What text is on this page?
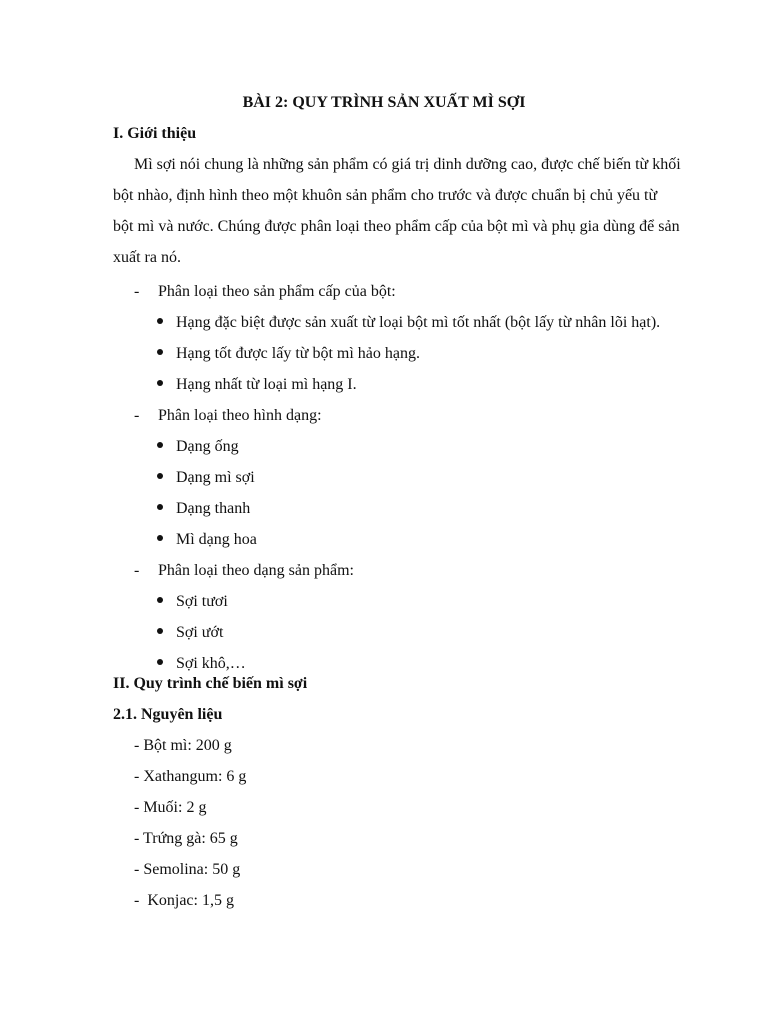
BÀI 2: QUY TRÌNH SẢN XUẤT MÌ SỢI
I. Giới thiệu
Mì sợi nói chung là những sản phẩm có giá trị dinh dưỡng cao, được chế biến từ khối
bột nhào, định hình theo một khuôn sản phẩm cho trước và được chuẩn bị chủ yếu từ
bột mì và nước. Chúng được phân loại theo phẩm cấp của bột mì và phụ gia dùng để sản
xuất ra nó.
- Phân loại theo sản phẩm cấp của bột:
Hạng đặc biệt được sản xuất từ loại bột mì tốt nhất (bột lấy từ nhân lõi hạt).
Hạng tốt được lấy từ bột mì hảo hạng.
Hạng nhất từ loại mì hạng I.
- Phân loại theo hình dạng:
Dạng ống
Dạng mì sợi
Dạng thanh
Mì dạng hoa
- Phân loại theo dạng sản phẩm:
Sợi tươi
Sợi ướt
Sợi khô,…
II. Quy trình chế biến mì sợi
2.1. Nguyên liệu
- Bột mì: 200 g
- Xathangum: 6 g
- Muối: 2 g
- Trứng gà: 65 g
- Semolina: 50 g
-  Konjac: 1,5 g
